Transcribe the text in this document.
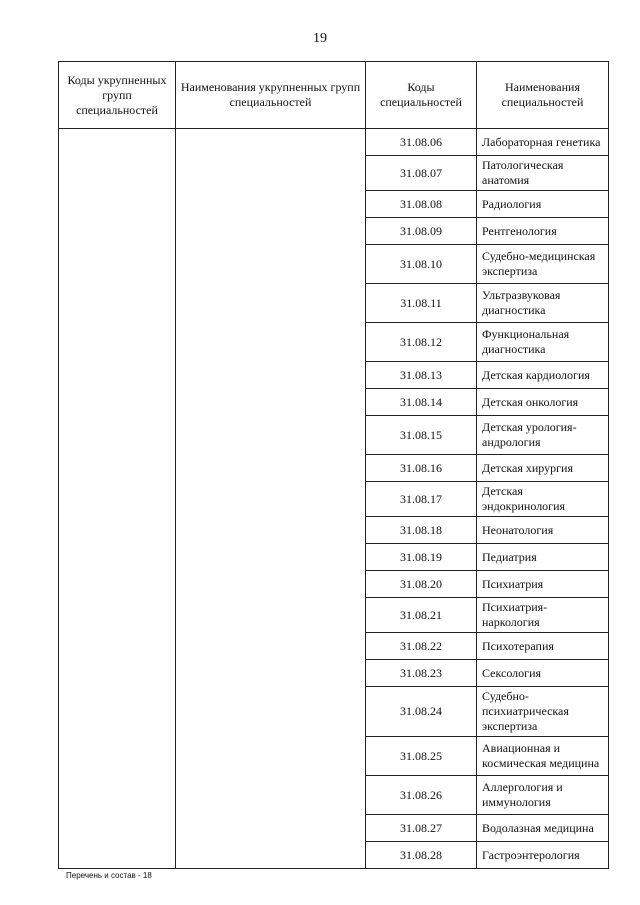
19
Коды укрупненных групп специальностей	Наименования укрупненных групп специальностей	Коды специальностей	Наименования специальностей
		31.08.06	Лабораторная генетика
		31.08.07	Патологическая анатомия
		31.08.08	Радиология
		31.08.09	Рентгенология
		31.08.10	Судебно-медицинская экспертиза
		31.08.11	Ультразвуковая диагностика
		31.08.12	Функциональная диагностика
		31.08.13	Детская кардиология
		31.08.14	Детская онкология
		31.08.15	Детская урология-андрология
		31.08.16	Детская хирургия
		31.08.17	Детская эндокринология
		31.08.18	Неонатология
		31.08.19	Педиатрия
		31.08.20	Психиатрия
		31.08.21	Психиатрия-наркология
		31.08.22	Психотерапия
		31.08.23	Сексология
		31.08.24	Судебно-психиатрическая экспертиза
		31.08.25	Авиационная и космическая медицина
		31.08.26	Аллергология и иммунология
		31.08.27	Водолазная медицина
		31.08.28	Гастроэнтерология
Перечень и состав - 18
